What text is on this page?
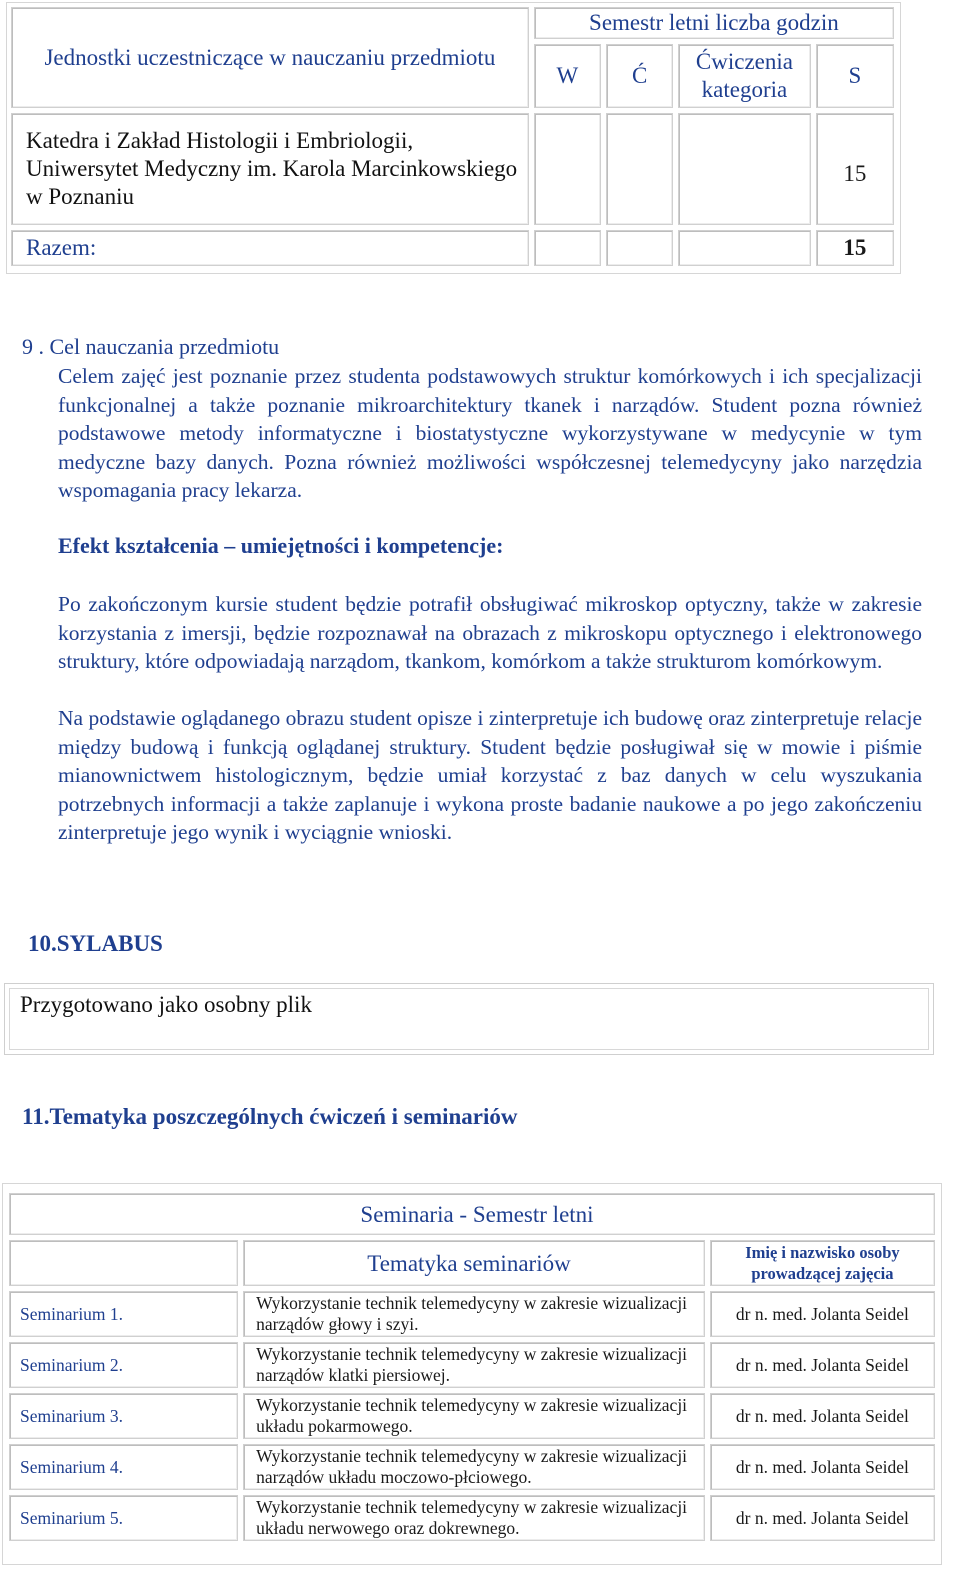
Jednostki uczestniczące w nauczaniu przedmiotu	Semestr letni liczba godzin			
	W	Ć	Ćwiczenia kategoria	S
Katedra i Zakład Histologii i Embriologii, Uniwersytet Medyczny im. Karola Marcinkowskiego w Poznaniu				15
Razem:				15
9 . Cel nauczania przedmiotu
Celem zajęć jest poznanie przez studenta podstawowych struktur komórkowych i ich specjalizacji funkcjonalnej a także poznanie mikroarchitektury tkanek i narządów. Student pozna również podstawowe metody informatyczne i biostatystyczne wykorzystywane w medycynie w tym medyczne bazy danych. Pozna również możliwości współczesnej telemedycyny jako narzędzia wspomagania pracy lekarza.
Efekt kształcenia – umiejętności i kompetencje:
Po zakończonym kursie student będzie potrafił obsługiwać mikroskop optyczny, także w zakresie korzystania z imersji, będzie rozpoznawał na obrazach z mikroskopu optycznego i elektronowego struktury, które odpowiadają narządom, tkankom, komórkom a także strukturom komórkowym.
Na podstawie oglądanego obrazu student opisze i zinterpretuje ich budowę oraz zinterpretuje relacje między budową i funkcją oglądanej struktury. Student będzie posługiwał się w mowie i piśmie mianownictwem histologicznym, będzie umiał korzystać z baz danych w celu wyszukania potrzebnych informacji a także zaplanuje i wykona proste badanie naukowe a po jego zakończeniu zinterpretuje jego wynik i wyciągnie wnioski.
10.SYLABUS
Przygotowano jako osobny plik
11.Tematyka poszczególnych ćwiczeń i seminariów
Seminaria - Semestr letni		
	Tematyka seminariów	Imię i nazwisko osoby prowadzącej zajęcia
Seminarium 1.	Wykorzystanie technik telemedycyny w zakresie wizualizacji narządów głowy i szyi.	dr n. med. Jolanta Seidel
Seminarium 2.	Wykorzystanie technik telemedycyny w zakresie wizualizacji narządów klatki piersiowej.	dr n. med. Jolanta Seidel
Seminarium 3.	Wykorzystanie technik telemedycyny w zakresie wizualizacji układu pokarmowego.	dr n. med. Jolanta Seidel
Seminarium 4.	Wykorzystanie technik telemedycyny w zakresie wizualizacji narządów układu moczowo-płciowego.	dr n. med. Jolanta Seidel
Seminarium 5.	Wykorzystanie technik telemedycyny w zakresie wizualizacji układu nerwowego oraz dokrewnego.	dr n. med. Jolanta Seidel
